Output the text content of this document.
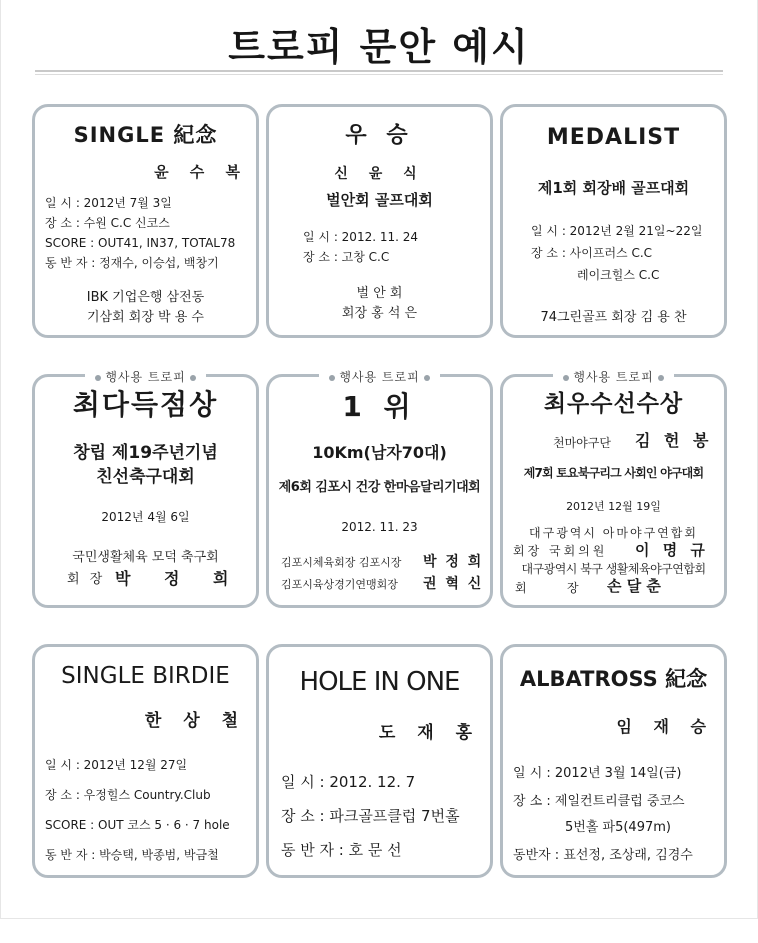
트로피 문안 예시
SINGLE 紀念
윤 수 복
일 시 : 2012년 7월 3일
장 소 : 수원 C.C 신코스
SCORE : OUT41, IN37, TOTAL78
동 반 자 : 정재수, 이승섭, 백창기
IBK 기업은행 삼전동
기삼회 회장 박 용 수
우 승
신 윤 식
벌안회 골프대회
일 시 : 2012. 11. 24
장 소 : 고창 C.C
벌 안 회
회장 홍 석 은
MEDALIST
제1회 회장배 골프대회
일 시 : 2012년 2월 21일~22일
장 소 : 사이프러스 C.C
레이크힐스 C.C
74그린골프 회장 김 용 찬
행사용 트로피
최다득점상
창립 제19주년기념
친선축구대회
2012년 4월 6일
국민생활체육 모덕 축구회
회 장 박 정 희
행사용 트로피
1 위
10Km(남자70대)
제6회 김포시 건강 한마음달리기대회
2012. 11. 23
김포시체육회장 김포시장 박 정 희
김포시육상경기연맹회장 권 혁 신
행사용 트로피
최우수선수상
천마야구단 김 헌 봉
제7회 토요북구리그 사회인 야구대회
2012년 12월 19일
대구광역시 아마야구연합회
회장 국회의원 이 명 규
대구광역시 북구 생활체육야구연합회
회	장 손 달 춘
SINGLE BIRDIE
한 상 철
일 시 : 2012년 12월 27일
장 소 : 우정힐스 Country.Club
SCORE : OUT 코스 5 · 6 · 7 hole
동 반 자 : 박승택, 박종범, 박금철
HOLE IN ONE
도 재 홍
일 시 : 2012. 12. 7
장 소 : 파크골프클럽 7번홀
동 반 자 : 호 문 선
ALBATROSS 紀念
임 재 승
일 시 : 2012년 3월 14일(금)
장 소 : 제일컨트리클럽 중코스
5번홀 파5(497m)
동반자 : 표선정, 조상래, 김경수
